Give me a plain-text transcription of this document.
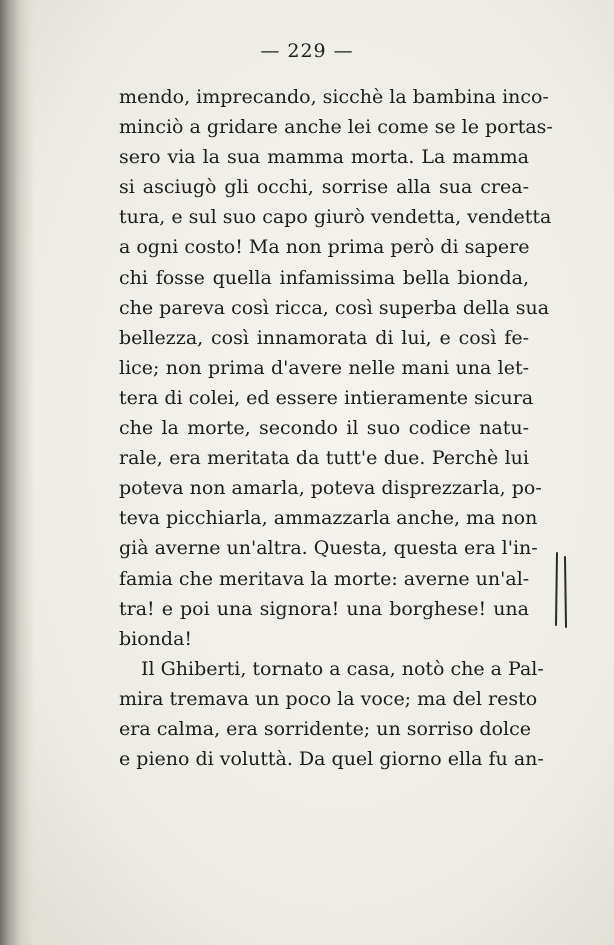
— 229 —
mendo, imprecando, sicchè la bambina inco-
minciò a gridare anche lei come se le portas-
sero via la sua mamma morta. La mamma
si asciugò gli occhi, sorrise alla sua crea-
tura, e sul suo capo giurò vendetta, vendetta
a ogni costo! Ma non prima però di sapere
chi fosse quella infamissima bella bionda,
che pareva così ricca, così superba della sua
bellezza, così innamorata di lui, e così fe-
lice; non prima d'avere nelle mani una let-
tera di colei, ed essere intieramente sicura
che la morte, secondo il suo codice natu-
rale, era meritata da tutt'e due. Perchè lui
poteva non amarla, poteva disprezzarla, po-
teva picchiarla, ammazzarla anche, ma non
già averne un'altra. Questa, questa era l'in-
famia che meritava la morte: averne un'al-
tra! e poi una signora! una borghese! una
bionda!
Il Ghiberti, tornato a casa, notò che a Pal-
mira tremava un poco la voce; ma del resto
era calma, era sorridente; un sorriso dolce
e pieno di voluttà. Da quel giorno ella fu an-
